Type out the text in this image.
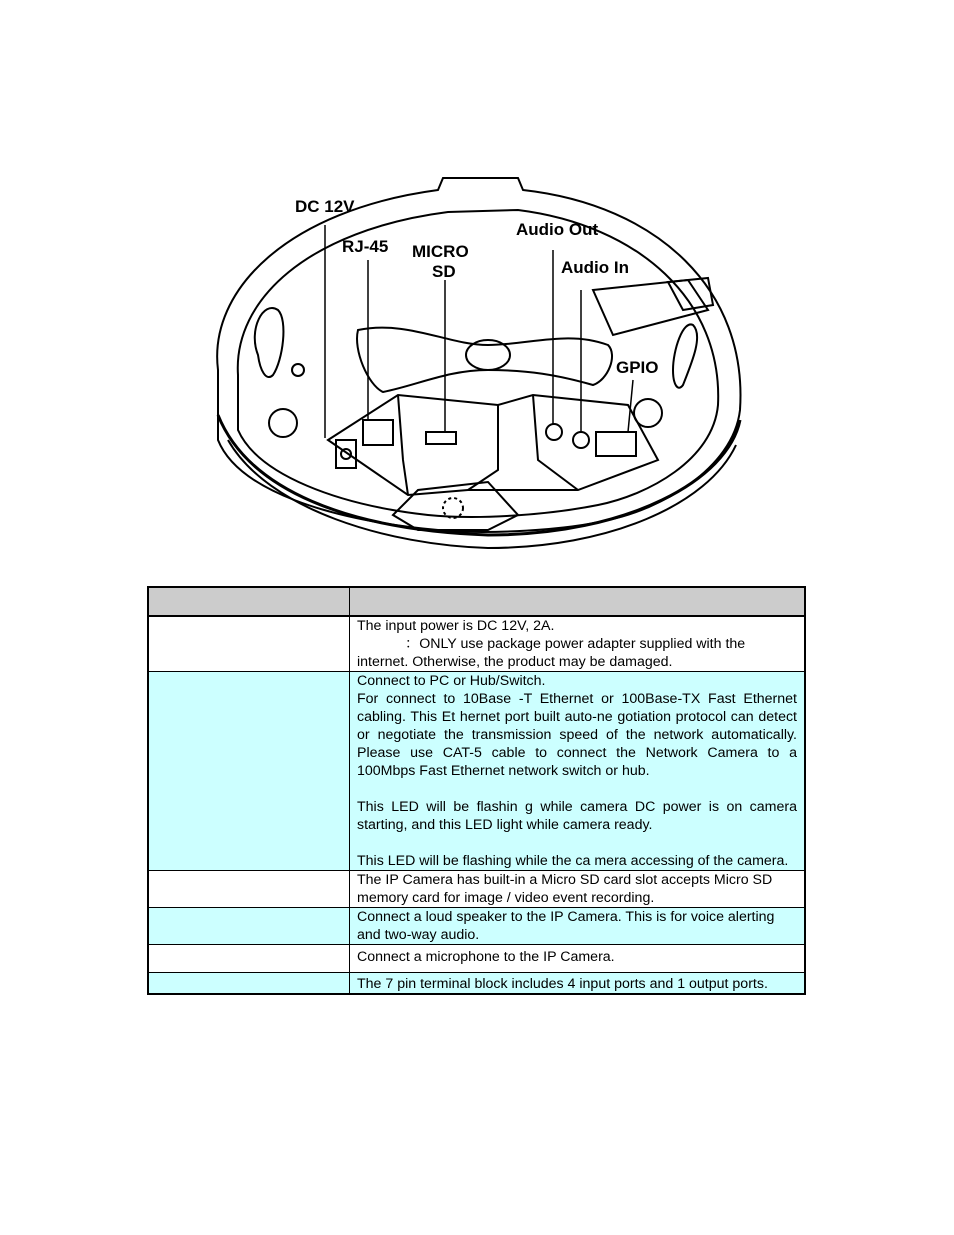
DC 12V
RJ-45 MICRO
SD
Audio Out
Audio In
GPIO

	The input power is DC 12V, 2A.
：ONLY use package power adapter supplied with the
internet. Otherwise, the product may be damaged.

	Connect to PC or Hub/Switch.
For connect to 10Base -T Ethernet or 100Base-TX Fast Ethernet cabling. This Et hernet port built auto-ne gotiation protocol can detect or negotiate the transmission speed of the network automatically. Please use CAT-5 cable to connect the Network Camera to a 100Mbps Fast Ethernet network switch or hub.
This LED will be flashin g while camera DC power is on camera starting, and this LED light while camera ready.
This LED will be flashing while the ca mera accessing of the camera.

	The IP Camera has built-in a Micro SD card slot accepts Micro SD memory card for image / video event recording.
	Connect a loud speaker to the IP Camera. This is for voice alerting and two-way audio.
	Connect a microphone to the IP Camera.
	The 7 pin terminal block includes 4 input ports and 1 output ports.
